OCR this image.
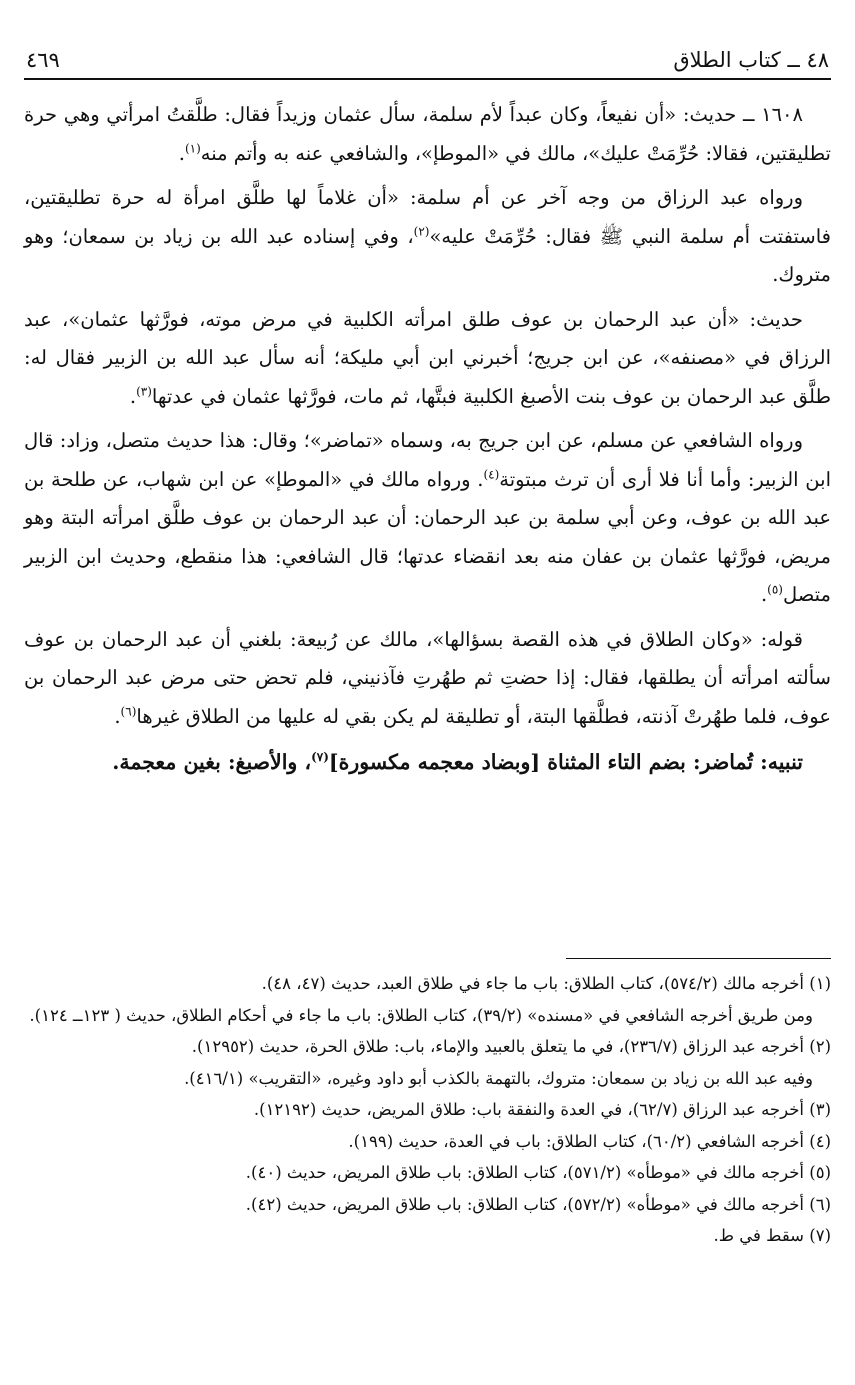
٤٨ ــ كتاب الطلاق
٤٦٩

١٦٠٨ ــ حديث: «أن نفيعاً، وكان عبداً لأم سلمة، سأل عثمان وزيداً فقال: طلَّقتُ امرأتي وهي حرة تطليقتين، فقالا: حُرِّمَتْ عليك»، مالك في «الموطإ»، والشافعي عنه به وأتم منه$^{(١)}$.

ورواه عبد الرزاق من وجه آخر عن أم سلمة: «أن غلاماً لها طلَّق امرأة له حرة تطليقتين، فاستفتت أم سلمة النبي ﷺ فقال: حُرِّمَتْ عليه»$^{(٢)}$، وفي إسناده عبد الله بن زياد بن سمعان؛ وهو متروك.

حديث: «أن عبد الرحمان بن عوف طلق امرأته الكلبية في مرض موته، فورَّثها عثمان»، عبد الرزاق في «مصنفه»، عن ابن جريج؛ أخبرني ابن أبي مليكة؛ أنه سأل عبد الله بن الزبير فقال له: طلَّق عبد الرحمان بن عوف بنت الأصبغ الكلبية فبتَّها، ثم مات، فورَّثها عثمان في عدتها$^{(٣)}$.

ورواه الشافعي عن مسلم، عن ابن جريج به، وسماه «تماضر»؛ وقال: هذا حديث متصل، وزاد: قال ابن الزبير: وأما أنا فلا أرى أن ترث مبتوتة$^{(٤)}$. ورواه مالك في «الموطإ» عن ابن شهاب، عن طلحة بن عبد الله بن عوف، وعن أبي سلمة بن عبد الرحمان: أن عبد الرحمان بن عوف طلَّق امرأته البتة وهو مريض، فورَّثها عثمان بن عفان منه بعد انقضاء عدتها؛ قال الشافعي: هذا منقطع، وحديث ابن الزبير متصل$^{(٥)}$.

قوله: «وكان الطلاق في هذه القصة بسؤالها»، مالك عن رُبيعة: بلغني أن عبد الرحمان بن عوف سألته امرأته أن يطلقها، فقال: إذا حضتِ ثم طهُرتِ فآذنيني، فلم تحض حتى مرض عبد الرحمان بن عوف، فلما طهُرتْ آذنته، فطلَّقها البتة، أو تطليقة لم يكن بقي له عليها من الطلاق غيرها$^{(٦)}$.

تنبيه: تُماضر: بضم التاء المثناة [وبضاد معجمه مكسورة]$^{(٧)}$، والأصبغ: بغين معجمة.

(١) أخرجه مالك (٥٧٤/٢)، كتاب الطلاق: باب ما جاء في طلاق العبد، حديث (٤٧، ٤٨).

ومن طريق أخرجه الشافعي في «مسنده» (٣٩/٢)، كتاب الطلاق: باب ما جاء في أحكام الطلاق، حديث ( ١٢٣ــ ١٢٤).

(٢) أخرجه عبد الرزاق (٢٣٦/٧)، في ما يتعلق بالعبيد والإماء، باب: طلاق الحرة، حديث (١٢٩٥٢).

وفيه عبد الله بن زياد بن سمعان: متروك، بالتهمة بالكذب أبو داود وغيره، «التقريب» (٤١٦/١).

(٣) أخرجه عبد الرزاق (٦٢/٧)، في العدة والنفقة باب: طلاق المريض، حديث (١٢١٩٢).

(٤) أخرجه الشافعي (٦٠/٢)، كتاب الطلاق: باب في العدة، حديث (١٩٩).

(٥) أخرجه مالك في «موطأه» (٥٧١/٢)، كتاب الطلاق: باب طلاق المريض، حديث (٤٠).

(٦) أخرجه مالك في «موطأه» (٥٧٢/٢)، كتاب الطلاق: باب طلاق المريض، حديث (٤٢).

(٧) سقط في ط.
